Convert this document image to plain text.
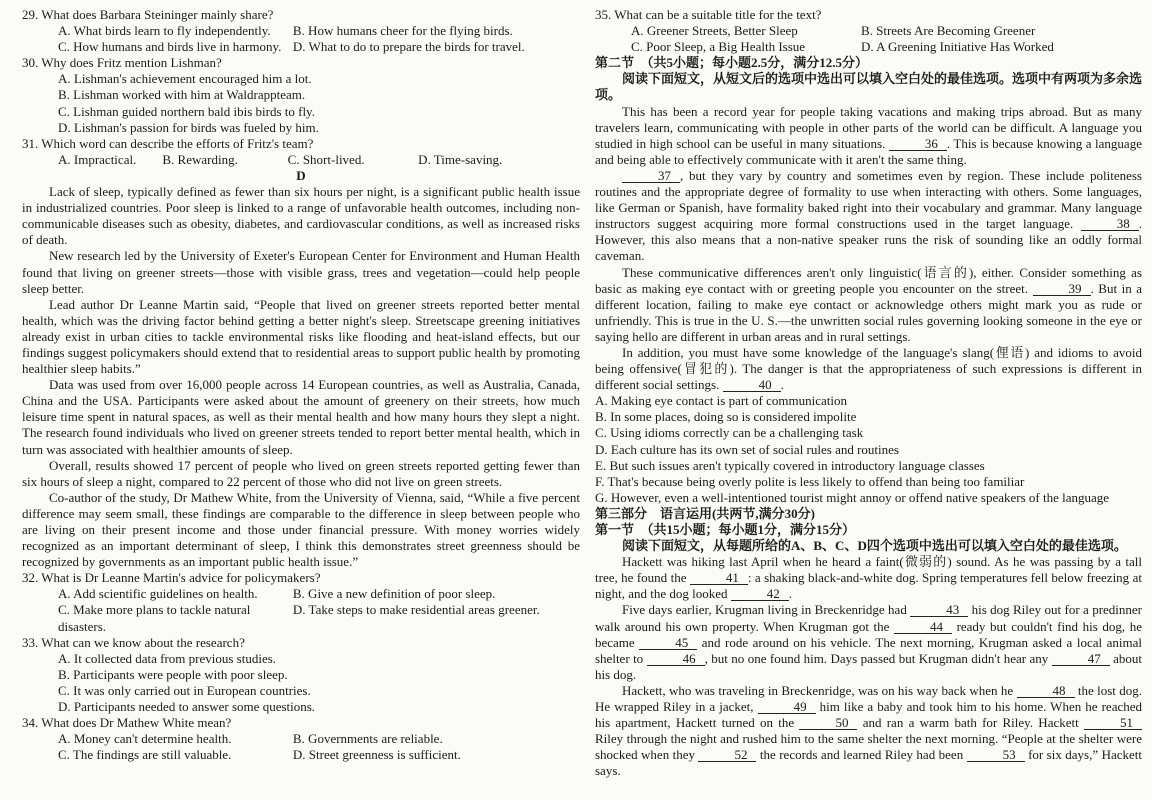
29. What does Barbara Steininger mainly share?
A. What birds learn to fly independently.	B. How humans cheer for the flying birds.
C. How humans and birds live in harmony. D. What to do to prepare the birds for travel.
30. Why does Fritz mention Lishman?
A. Lishman's achievement encouraged him a lot.
B. Lishman worked with him at Waldrappteam.
C. Lishman guided northern bald ibis birds to fly.
D. Lishman's passion for birds was fueled by him.
31. Which word can describe the efforts of Fritz's team?
A. Impractical.	B. Rewarding.	C. Short-lived.	D. Time-saving.
D
Lack of sleep, typically defined as fewer than six hours per night, is a significant public health issue in industrialized countries. Poor sleep is linked to a range of unfavorable health outcomes, including non-communicable diseases such as obesity, diabetes, and cardiovascular conditions, as well as increased risks of death.
New research led by the University of Exeter's European Center for Environment and Human Health found that living on greener streets—those with visible grass, trees and vegetation—could help people sleep better.
Lead author Dr Leanne Martin said, “People that lived on greener streets reported better mental health, which was the driving factor behind getting a better night's sleep. Streetscape greening initiatives already exist in urban cities to tackle environmental risks like flooding and heat-island effects, but our findings suggest policymakers should extend that to residential areas to support public health by promoting healthier sleep habits.”
Data was used from over 16,000 people across 14 European countries, as well as Australia, Canada, China and the USA. Participants were asked about the amount of greenery on their streets, how much leisure time spent in natural spaces, as well as their mental health and how many hours they slept a night. The research found individuals who lived on greener streets tended to report better mental health, which in turn was associated with healthier amounts of sleep.
Overall, results showed 17 percent of people who lived on green streets reported getting fewer than six hours of sleep a night, compared to 22 percent of those who did not live on green streets.
Co-author of the study, Dr Mathew White, from the University of Vienna, said, “While a five percent difference may seem small, these findings are comparable to the difference in sleep between people who are living on their present income and those under financial pressure. With money worries widely recognized as an important determinant of sleep, I think this demonstrates street greenness should be recognized by governments as an important public health issue.”
32. What is Dr Leanne Martin's advice for policymakers?
A. Add scientific guidelines on health.	B. Give a new definition of poor sleep.
C. Make more plans to tackle natural disasters.
D. Take steps to make residential areas greener.
33. What can we know about the research?
A. It collected data from previous studies.
B. Participants were people with poor sleep.
C. It was only carried out in European countries.
D. Participants needed to answer some questions.
34. What does Dr Mathew White mean?
A. Money can't determine health.	B. Governments are reliable.
C. The findings are still valuable.	D. Street greenness is sufficient.
35. What can be a suitable title for the text?
A. Greener Streets, Better Sleep	B. Streets Are Becoming Greener
C. Poor Sleep, a Big Health Issue	D. A Greening Initiative Has Worked
第二节　（共5小题；每小题2.5分，满分12.5分）
阅读下面短文，从短文后的选项中选出可以填入空白处的最佳选项。选项中有两项为多余选项。
This has been a record year for people taking vacations and making trips abroad. But as many travelers learn, communicating with people in other parts of the world can be difficult. A language you studied in high school can be useful in many situations.	36 . This is because knowing a language and being able to effectively communicate with it aren't the same thing.
37 , but they vary by country and sometimes even by region. These include politeness routines and the appropriate degree of formality to use when interacting with others. Some languages, like German or Spanish, have formality baked right into their vocabulary and grammar. Many language instructors suggest acquiring more formal constructions used in the target language.	38 . However, this also means that a non-native speaker runs the risk of sounding like an oddly formal caveman.
These communicative differences aren't only linguistic(语言的), either. Consider something as basic as making eye contact with or greeting people you encounter on the street.	39 . But in a different location, failing to make eye contact or acknowledge others might mark you as rude or unfriendly. This is true in the U. S.—the unwritten social rules governing looking someone in the eye or saying hello are different in urban areas and in rural settings.
In addition, you must have some knowledge of the language's slang(俚语) and idioms to avoid being offensive(冒犯的). The danger is that the appropriateness of such expressions is different in different social settings.	40 .
A. Making eye contact is part of communication
B. In some places, doing so is considered impolite
C. Using idioms correctly can be a challenging task
D. Each culture has its own set of social rules and routines
E. But such issues aren't typically covered in introductory language classes
F. That's because being overly polite is less likely to offend than being too familiar
G. However, even a well-intentioned tourist might annoy or offend native speakers of the language
第三部分　语言运用(共两节,满分30分)
第一节　（共15小题；每小题1分，满分15分）
阅读下面短文，从每题所给的A、B、C、D四个选项中选出可以填入空白处的最佳选项。
Hackett was hiking last April when he heard a faint(微弱的) sound. As he was passing by a tall tree, he found the	41 : a shaking black-and-white dog. Spring temperatures fell below freezing at night, and the dog looked	42 .
Five days earlier, Krugman living in Breckenridge had	43 his dog Riley out for a predinner walk around his own property. When Krugman got the	44 ready but couldn't find his dog, he became	45 and rode around on his vehicle. The next morning, Krugman asked a local animal shelter to	46 , but no one found him. Days passed but Krugman didn't hear any	47 about his dog.
Hackett, who was traveling in Breckenridge, was on his way back when he	48 the lost dog. He wrapped Riley in a jacket,	49 him like a baby and took him to his home. When he reached his apartment, Hackett turned on the	50 and ran a warm bath for Riley. Hackett	51 Riley through the night and rushed him to the same shelter the next morning. “People at the shelter were shocked when they	52 the records and learned Riley had been	53 for six days,” Hackett says.
